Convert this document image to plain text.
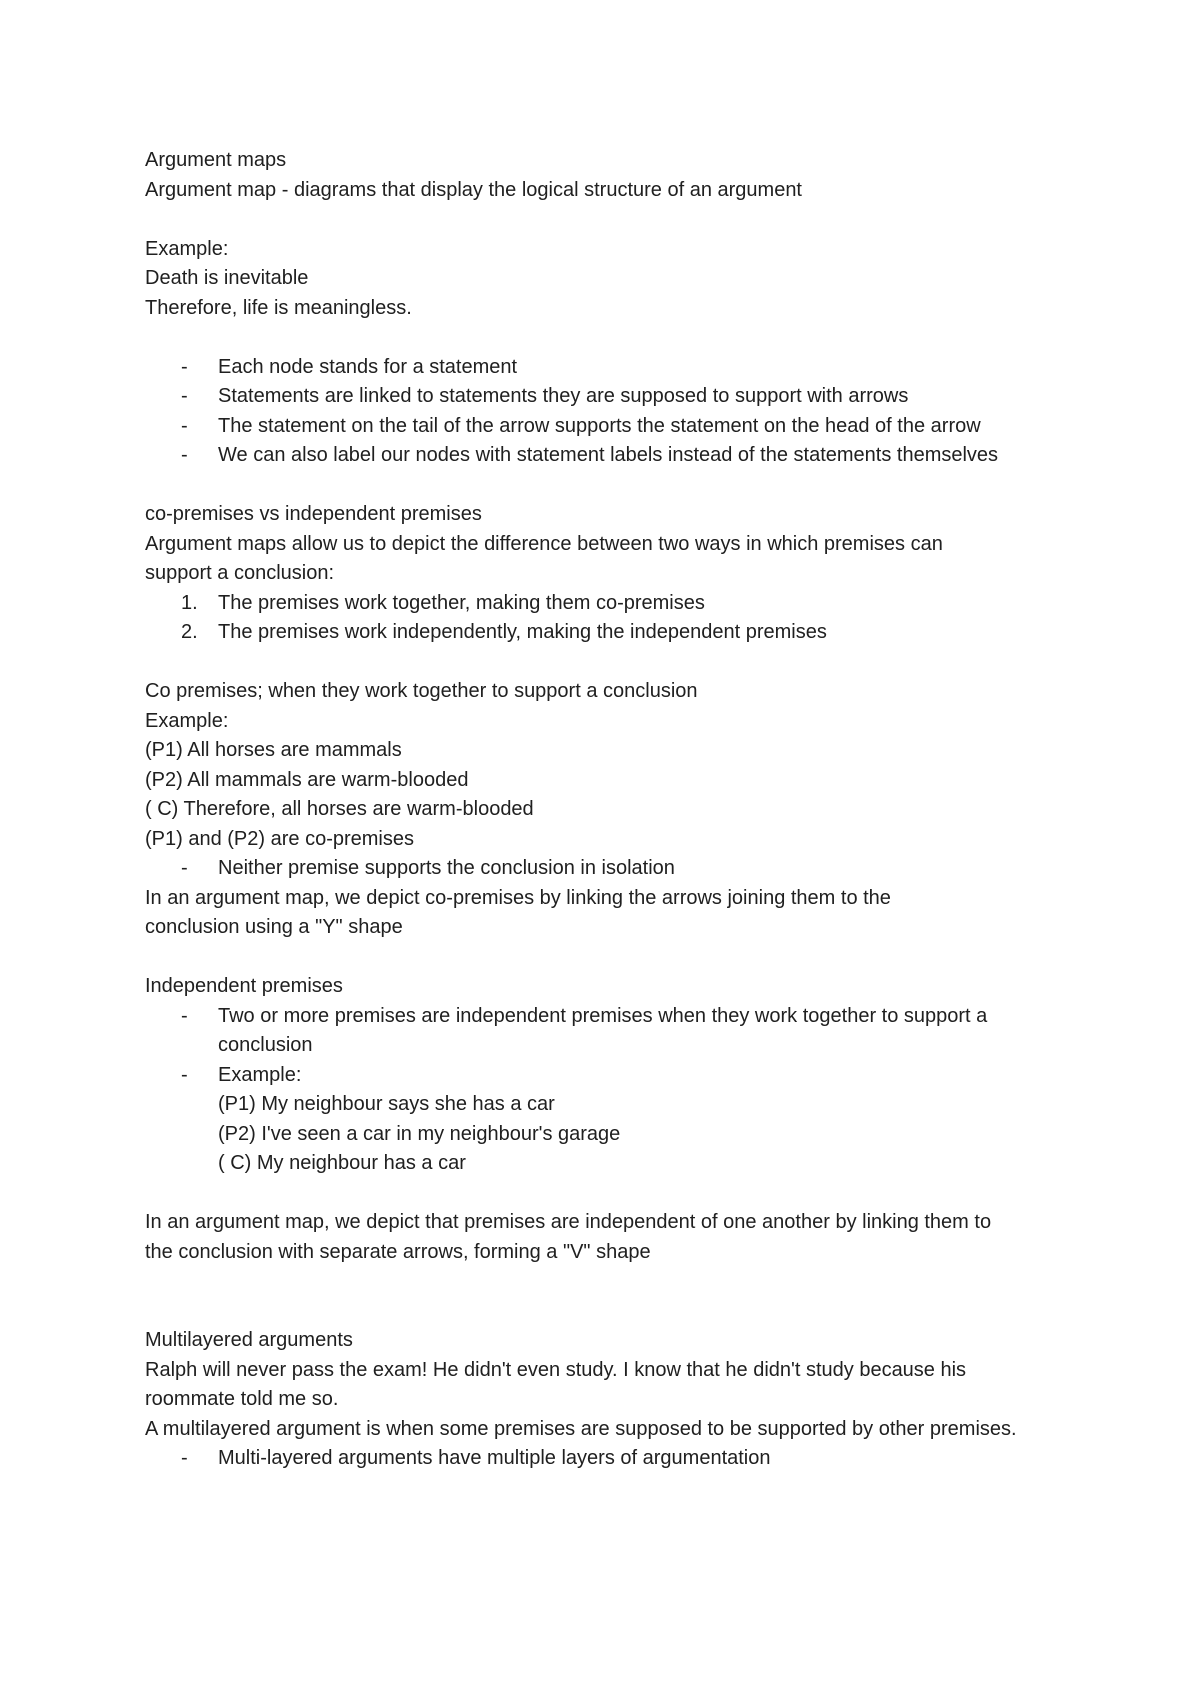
Argument maps
Argument map - diagrams that display the logical structure of an argument
Example:
Death is inevitable
Therefore, life is meaningless.
- Each node stands for a statement
- Statements are linked to statements they are supposed to support with arrows
- The statement on the tail of the arrow supports the statement on the head of the arrow
- We can also label our nodes with statement labels instead of the statements themselves
co-premises vs independent premises
Argument maps allow us to depict the difference between two ways in which premises can support a conclusion:
1. The premises work together, making them co-premises
2. The premises work independently, making the independent premises
Co premises; when they work together to support a conclusion
Example:
(P1) All horses are mammals
(P2) All mammals are warm-blooded
( C) Therefore, all horses are warm-blooded
(P1) and (P2) are co-premises
- Neither premise supports the conclusion in isolation
In an argument map, we depict co-premises by linking the arrows joining them to the conclusion using a "Y" shape
Independent premises
- Two or more premises are independent premises when they work together to support a conclusion
- Example:
(P1) My neighbour says she has a car
(P2) I've seen a car in my neighbour's garage
( C) My neighbour has a car
In an argument map, we depict that premises are independent of one another by linking them to the conclusion with separate arrows, forming a "V" shape
Multilayered arguments
Ralph will never pass the exam! He didn't even study. I know that he didn't study because his roommate told me so.
A multilayered argument is when some premises are supposed to be supported by other premises.
- Multi-layered arguments have multiple layers of argumentation
